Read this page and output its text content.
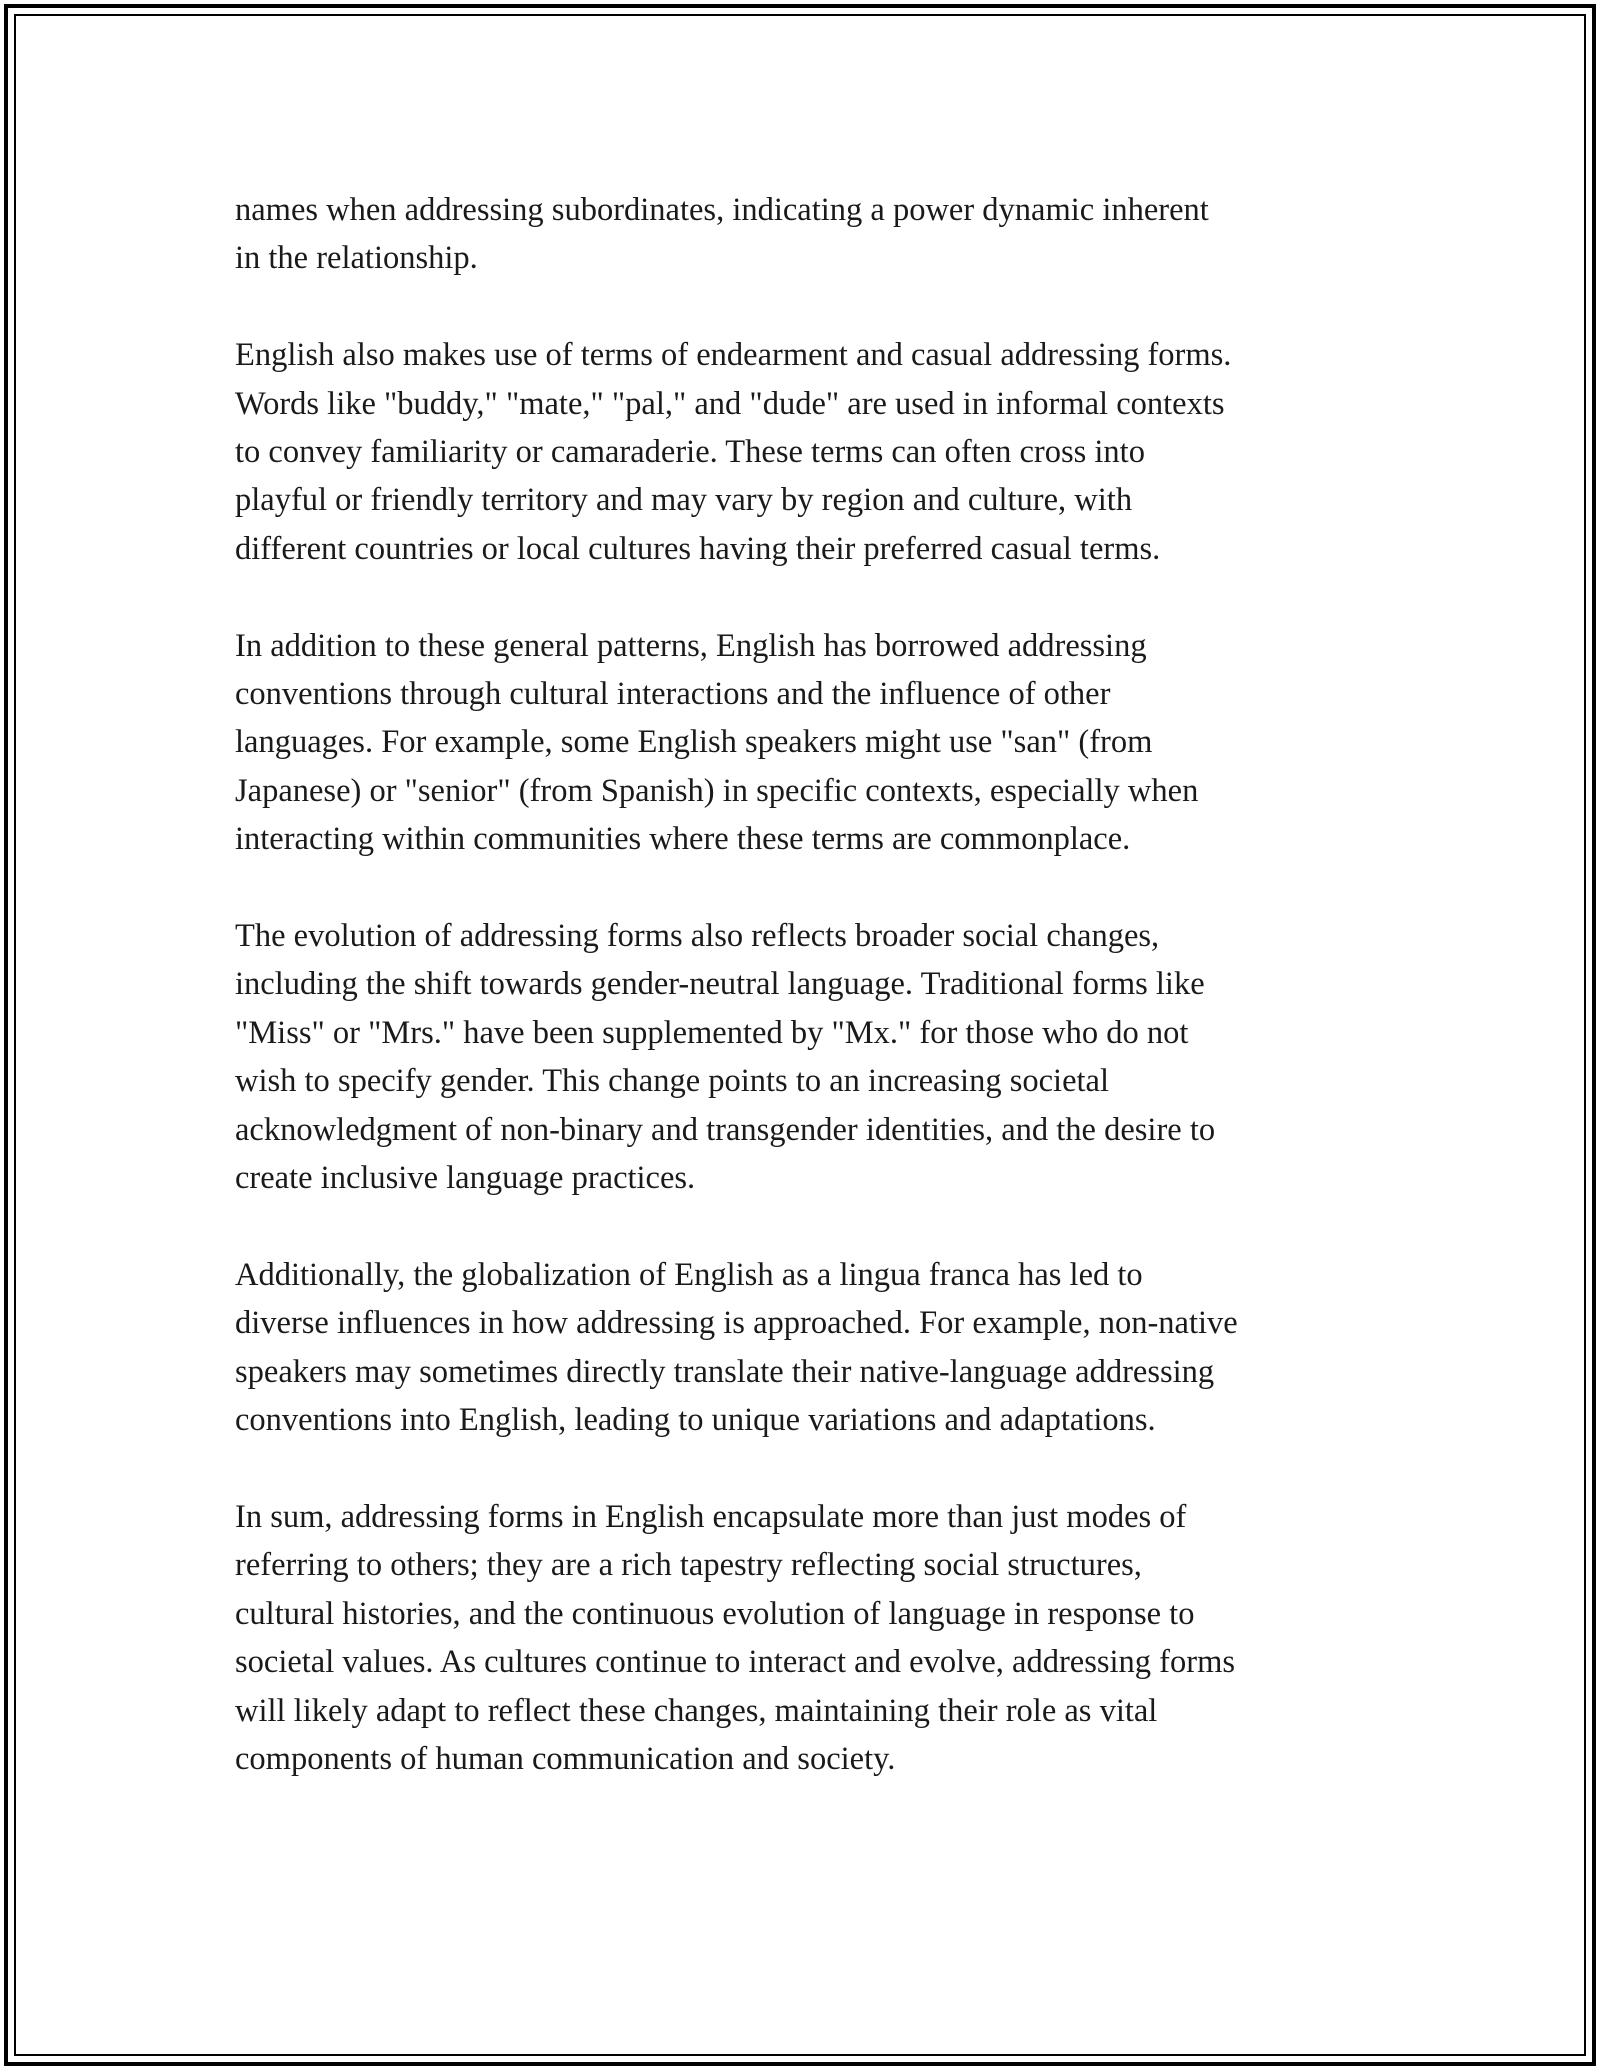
names when addressing subordinates, indicating a power dynamic inherent
in the relationship.

English also makes use of terms of endearment and casual addressing forms.
Words like "buddy," "mate," "pal," and "dude" are used in informal contexts
to convey familiarity or camaraderie. These terms can often cross into
playful or friendly territory and may vary by region and culture, with
different countries or local cultures having their preferred casual terms.

In addition to these general patterns, English has borrowed addressing
conventions through cultural interactions and the influence of other
languages. For example, some English speakers might use "san" (from
Japanese) or "senior" (from Spanish) in specific contexts, especially when
interacting within communities where these terms are commonplace.

The evolution of addressing forms also reflects broader social changes,
including the shift towards gender-neutral language. Traditional forms like
"Miss" or "Mrs." have been supplemented by "Mx." for those who do not
wish to specify gender. This change points to an increasing societal
acknowledgment of non-binary and transgender identities, and the desire to
create inclusive language practices.

Additionally, the globalization of English as a lingua franca has led to
diverse influences in how addressing is approached. For example, non-native
speakers may sometimes directly translate their native-language addressing
conventions into English, leading to unique variations and adaptations.

In sum, addressing forms in English encapsulate more than just modes of
referring to others; they are a rich tapestry reflecting social structures,
cultural histories, and the continuous evolution of language in response to
societal values. As cultures continue to interact and evolve, addressing forms
will likely adapt to reflect these changes, maintaining their role as vital
components of human communication and society.
